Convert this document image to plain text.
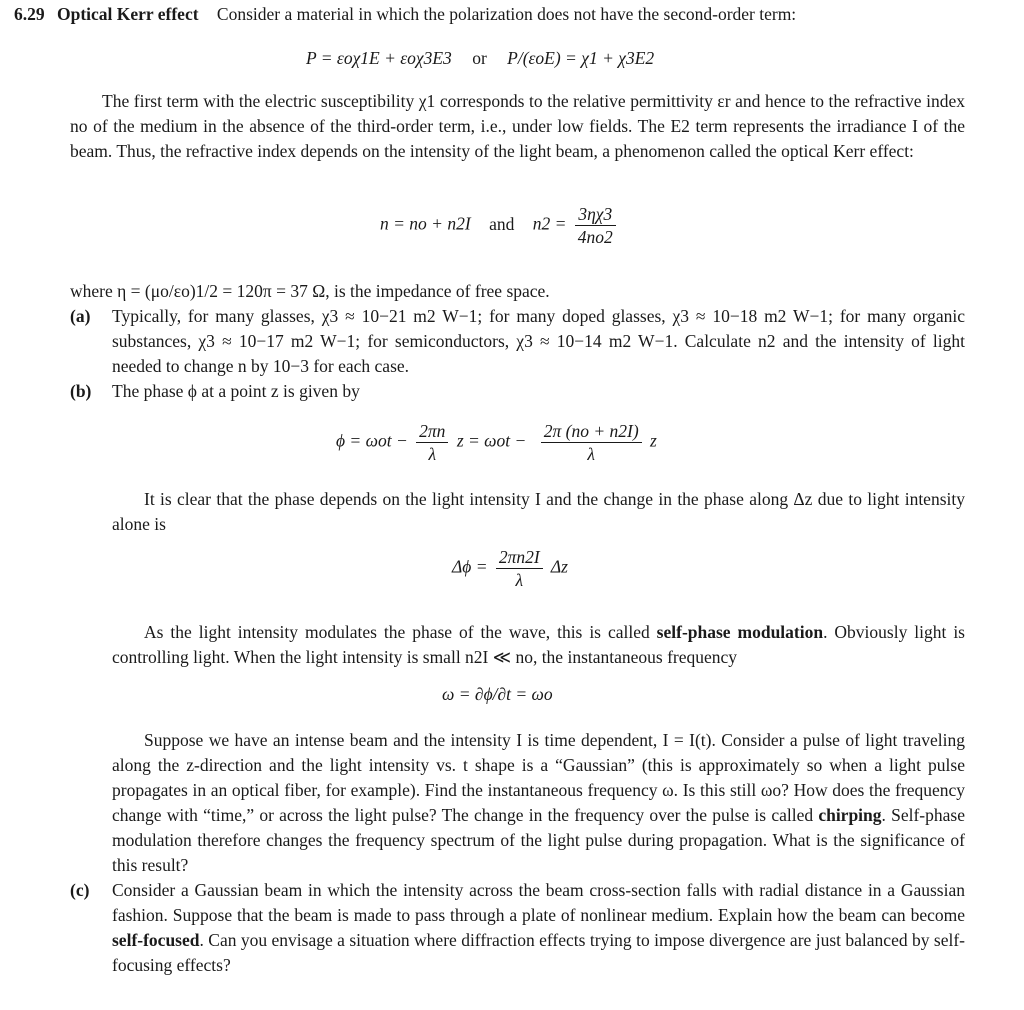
6.29 Optical Kerr effect Consider a material in which the polarization does not have the second-order term:
P = εoχ1E + εoχ3E3 or P/(εoE) = χ1 + χ3E2

The first term with the electric susceptibility χ1 corresponds to the relative permittivity εr and hence to the refractive index no of the medium in the absence of the third-order term, i.e., under low fields. The E2 term represents the irradiance I of the beam. Thus, the refractive index depends on the intensity of the light beam, a phenomenon called the optical Kerr effect:

n = no + n2I and $n2 = \frac{3\eta\chi 3}{4no2}$

where η = (μo/εo)1/2 = 120π = 37 Ω, is the impedance of free space.

(a) Typically, for many glasses, χ3 ≈ 10−21 m2 W−1; for many doped glasses, χ3 ≈ 10−18 m2 W−1; for many organic substances, χ3 ≈ 10−17 m2 W−1; for semiconductors, χ3 ≈ 10−14 m2 W−1. Calculate n2 and the intensity of light needed to change n by 10−3 for each case.

(b) The phase ϕ at a point z is given by

$\phi = \omega ot - \frac{2\pi n}{\lambda}$ $z = \omega ot - \frac{2\pi (no + n2I)}{\lambda}$ z

It is clear that the phase depends on the light intensity I and the change in the phase along Δz due to light intensity alone is

$\Delta\phi = \frac{2\pi n2I}{\lambda}$ Δz

As the light intensity modulates the phase of the wave, this is called self-phase modulation. Obviously light is controlling light. When the light intensity is small n2I ≪ no, the instantaneous frequency

ω = ∂ϕ/∂t = ωo

Suppose we have an intense beam and the intensity I is time dependent, I = I(t). Consider a pulse of light traveling along the z-direction and the light intensity vs. t shape is a “Gaussian” (this is approximately so when a light pulse propagates in an optical fiber, for example). Find the instantaneous frequency ω. Is this still ωo? How does the frequency change with “time,” or across the light pulse? The change in the frequency over the pulse is called chirping. Self-phase modulation therefore changes the frequency spectrum of the light pulse during propagation. What is the significance of this result?

(c) Consider a Gaussian beam in which the intensity across the beam cross-section falls with radial distance in a Gaussian fashion. Suppose that the beam is made to pass through a plate of nonlinear medium. Explain how the beam can become self-focused. Can you envisage a situation where diffraction effects trying to impose divergence are just balanced by self-focusing effects?
